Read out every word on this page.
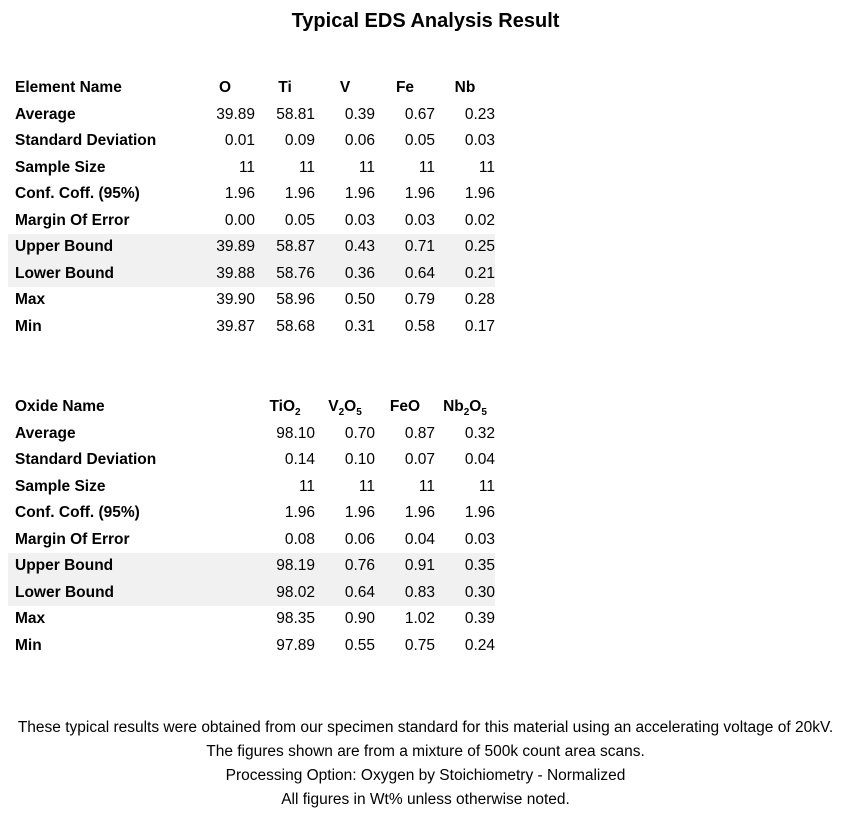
Typical EDS Analysis Result
Element Name	O	Ti	V	Fe	Nb
Average	39.89	58.81	0.39	0.67	0.23
Standard Deviation	0.01	0.09	0.06	0.05	0.03
Sample Size	11	11	11	11	11
Conf. Coff. (95%)	1.96	1.96	1.96	1.96	1.96
Margin Of Error	0.00	0.05	0.03	0.03	0.02
Upper Bound	39.89	58.87	0.43	0.71	0.25
Lower Bound	39.88	58.76	0.36	0.64	0.21
Max	39.90	58.96	0.50	0.79	0.28
Min	39.87	58.68	0.31	0.58	0.17
Oxide Name		TiO$_2$	$V_2O_5$	FeO	$Nb_2O_5$
Average		98.10	0.70	0.87	0.32
Standard Deviation		0.14	0.10	0.07	0.04
Sample Size		11	11	11	11
Conf. Coff. (95%)		1.96	1.96	1.96	1.96
Margin Of Error		0.08	0.06	0.04	0.03
Upper Bound		98.19	0.76	0.91	0.35
Lower Bound		98.02	0.64	0.83	0.30
Max		98.35	0.90	1.02	0.39
Min		97.89	0.55	0.75	0.24
These typical results were obtained from our specimen standard for this material using an accelerating voltage of 20kV.
The figures shown are from a mixture of 500k count area scans.
Processing Option: Oxygen by Stoichiometry - Normalized
All figures in Wt% unless otherwise noted.
